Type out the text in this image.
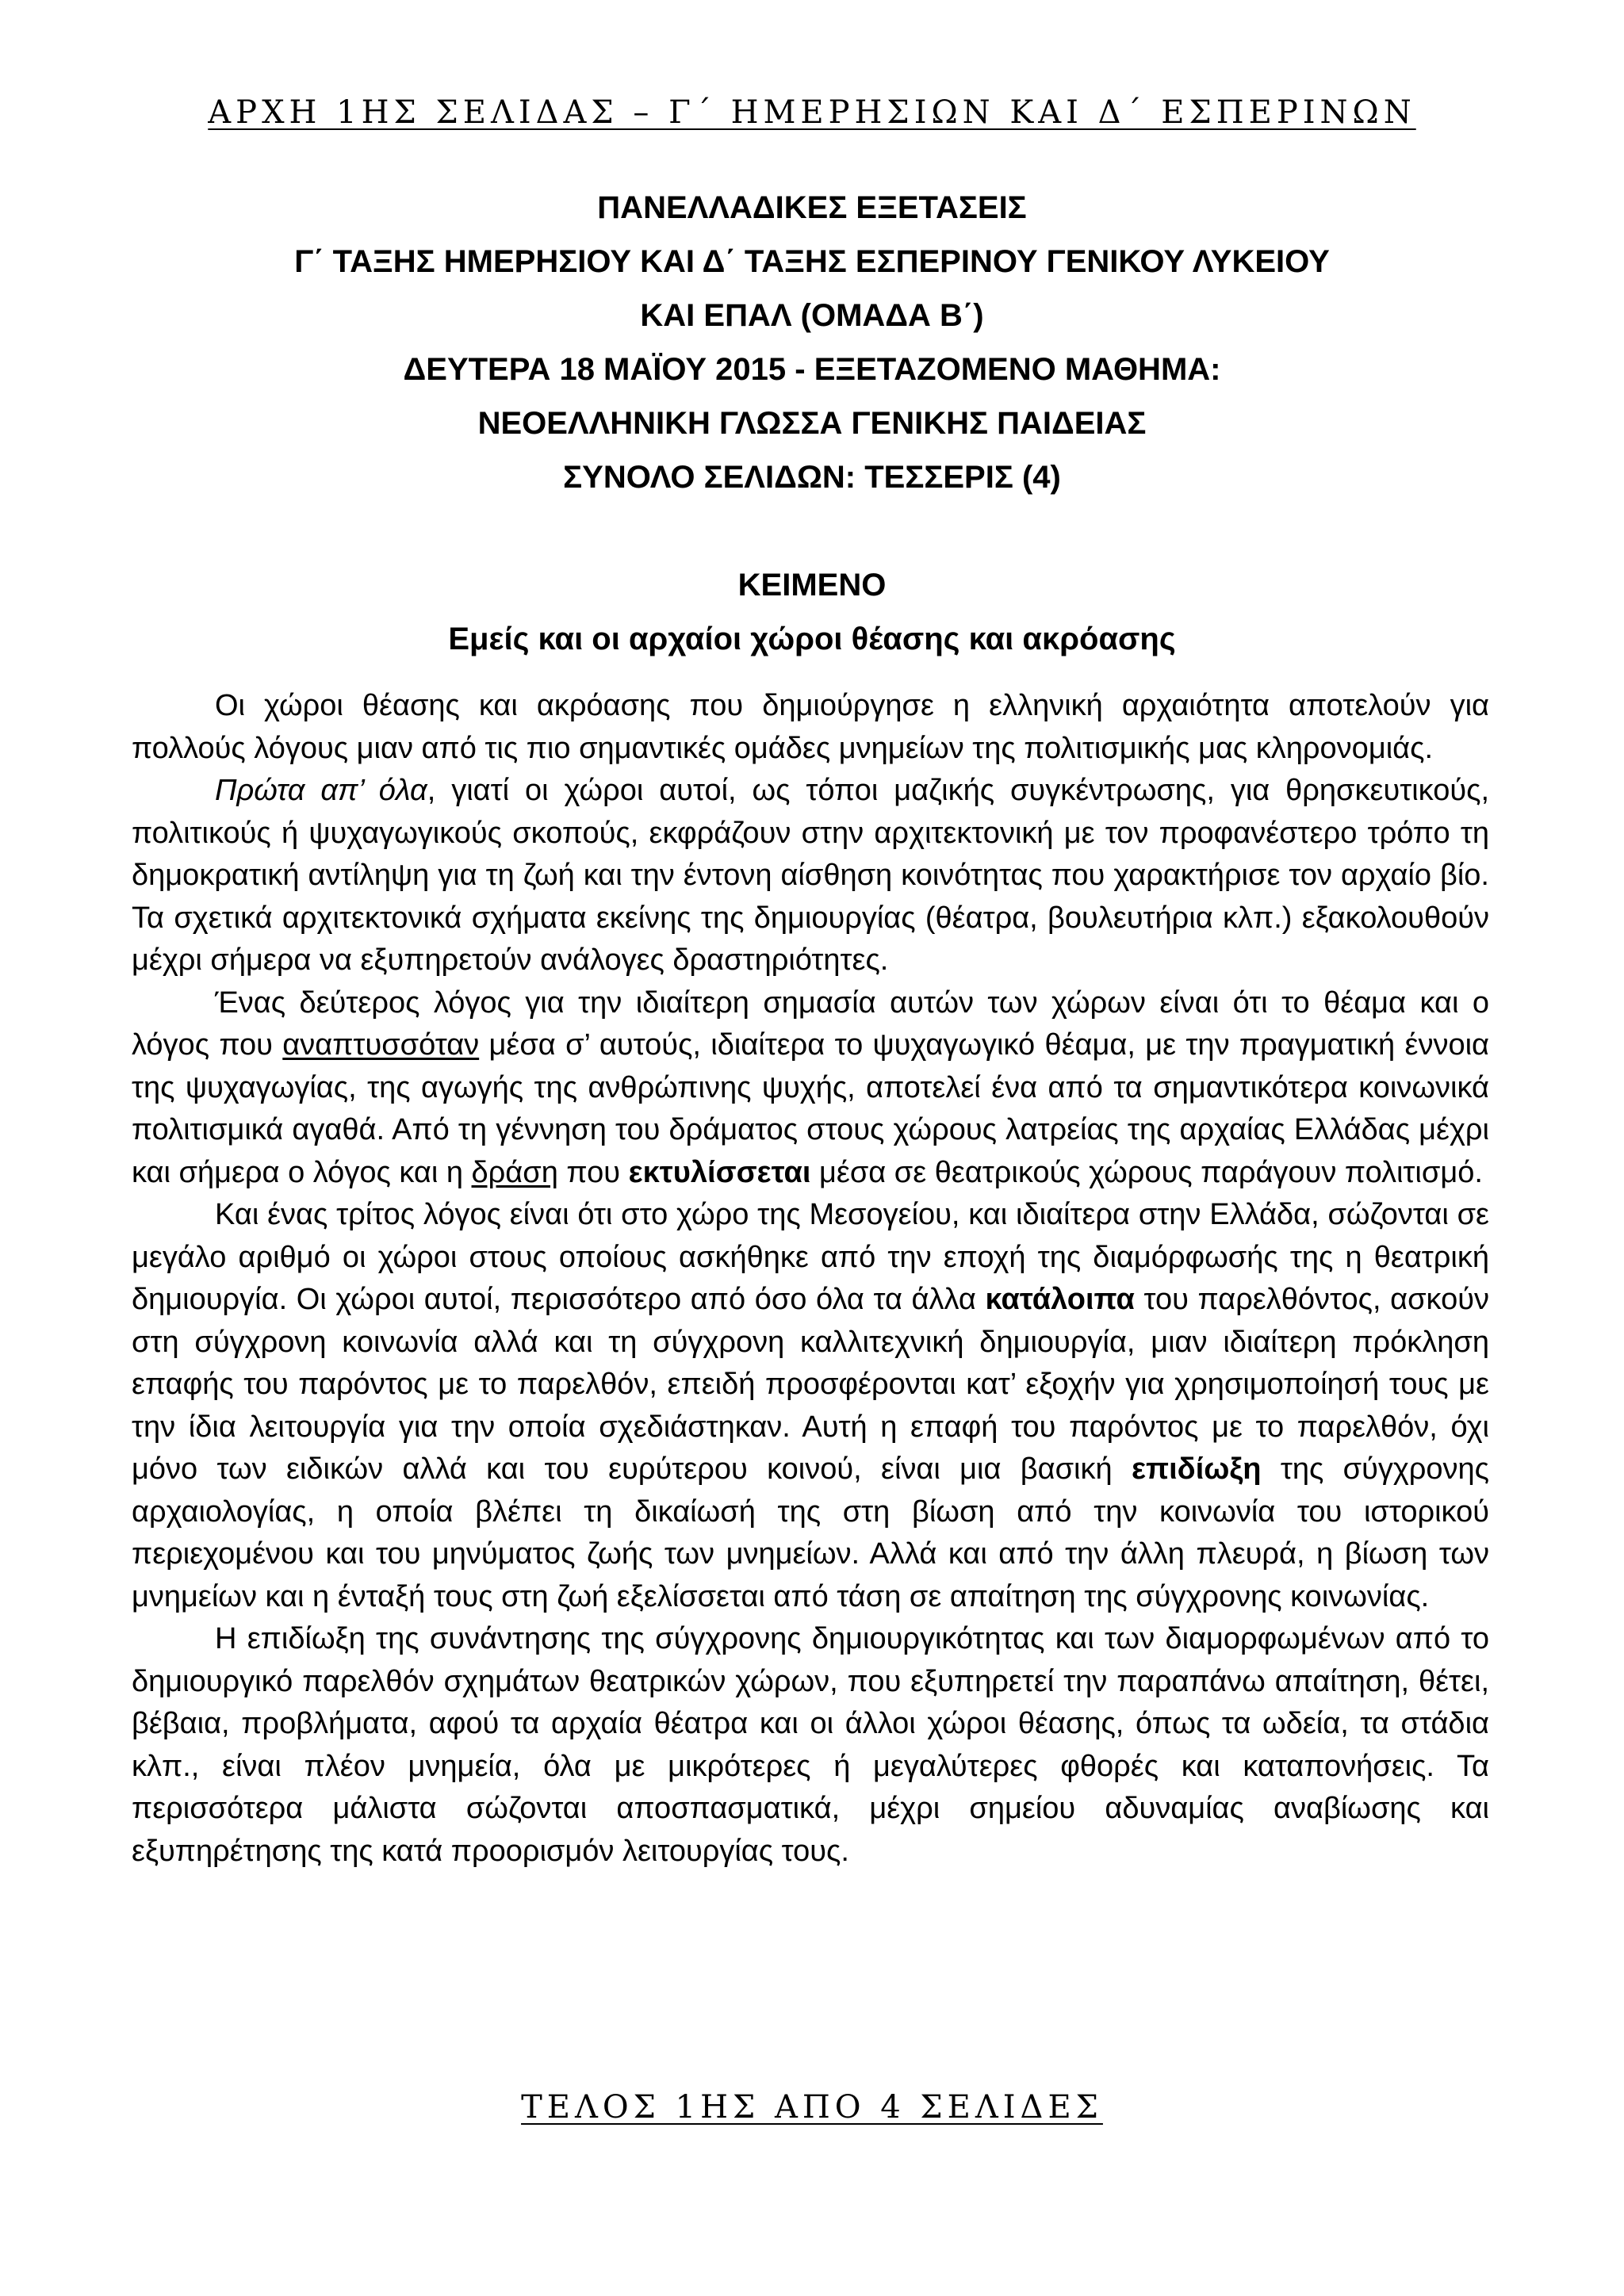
ΑΡΧΗ 1ΗΣ ΣΕΛΙΔΑΣ – Γ΄ ΗΜΕΡΗΣΙΩΝ ΚΑΙ Δ΄ ΕΣΠΕΡΙΝΩΝ
ΠΑΝΕΛΛΑΔΙΚΕΣ ΕΞΕΤΑΣΕΙΣ
Γ΄ ΤΑΞΗΣ ΗΜΕΡΗΣΙΟΥ ΚΑΙ Δ΄ ΤΑΞΗΣ ΕΣΠΕΡΙΝΟΥ ΓΕΝΙΚΟΥ ΛΥΚΕΙΟΥ
ΚΑΙ ΕΠΑΛ (ΟΜΑΔΑ Β΄)
ΔΕΥΤΕΡΑ 18 ΜΑΪΟΥ 2015 - ΕΞΕΤΑΖΟΜΕΝΟ ΜΑΘΗΜΑ:
ΝΕΟΕΛΛΗΝΙΚΗ ΓΛΩΣΣΑ ΓΕΝΙΚΗΣ ΠΑΙΔΕΙΑΣ
ΣΥΝΟΛΟ ΣΕΛΙΔΩΝ: ΤΕΣΣΕΡΙΣ (4)
ΚΕΙΜΕΝΟ
Εμείς και οι αρχαίοι χώροι θέασης και ακρόασης

Οι χώροι θέασης και ακρόασης που δημιούργησε η ελληνική αρχαιότητα αποτελούν για πολλούς λόγους μιαν από τις πιο σημαντικές ομάδες μνημείων της πολιτισμικής μας κληρονομιάς.

Πρώτα απ’ όλα, γιατί οι χώροι αυτοί, ως τόποι μαζικής συγκέντρωσης, για θρησκευτικούς, πολιτικούς ή ψυχαγωγικούς σκοπούς, εκφράζουν στην αρχιτεκτονική με τον προφανέστερο τρόπο τη δημοκρατική αντίληψη για τη ζωή και την έντονη αίσθηση κοινότητας που χαρακτήρισε τον αρχαίο βίο. Τα σχετικά αρχιτεκτονικά σχήματα εκείνης της δημιουργίας (θέατρα, βουλευτήρια κλπ.) εξακολουθούν μέχρι σήμερα να εξυπηρετούν ανάλογες δραστηριότητες.

Ένας δεύτερος λόγος για την ιδιαίτερη σημασία αυτών των χώρων είναι ότι το θέαμα και ο λόγος που αναπτυσσόταν μέσα σ’ αυτούς, ιδιαίτερα το ψυχαγωγικό θέαμα, με την πραγματική έννοια της ψυχαγωγίας, της αγωγής της ανθρώπινης ψυχής, αποτελεί ένα από τα σημαντικότερα κοινωνικά πολιτισμικά αγαθά. Από τη γέννηση του δράματος στους χώρους λατρείας της αρχαίας Ελλάδας μέχρι και σήμερα ο λόγος και η δράση που εκτυλίσσεται μέσα σε θεατρικούς χώρους παράγουν πολιτισμό.

Και ένας τρίτος λόγος είναι ότι στο χώρο της Μεσογείου, και ιδιαίτερα στην Ελλάδα, σώζονται σε μεγάλο αριθμό οι χώροι στους οποίους ασκήθηκε από την εποχή της διαμόρφωσής της η θεατρική δημιουργία. Οι χώροι αυτοί, περισσότερο από όσο όλα τα άλλα κατάλοιπα του παρελθόντος, ασκούν στη σύγχρονη κοινωνία αλλά και τη σύγχρονη καλλιτεχνική δημιουργία, μιαν ιδιαίτερη πρόκληση επαφής του παρόντος με το παρελθόν, επειδή προσφέρονται κατ’ εξοχήν για χρησιμοποίησή τους με την ίδια λειτουργία για την οποία σχεδιάστηκαν. Αυτή η επαφή του παρόντος με το παρελθόν, όχι μόνο των ειδικών αλλά και του ευρύτερου κοινού, είναι μια βασική επιδίωξη της σύγχρονης αρχαιολογίας, η οποία βλέπει τη δικαίωσή της στη βίωση από την κοινωνία του ιστορικού περιεχομένου και του μηνύματος ζωής των μνημείων. Αλλά και από την άλλη πλευρά, η βίωση των μνημείων και η ένταξή τους στη ζωή εξελίσσεται από τάση σε απαίτηση της σύγχρονης κοινωνίας.

Η επιδίωξη της συνάντησης της σύγχρονης δημιουργικότητας και των διαμορφωμένων από το δημιουργικό παρελθόν σχημάτων θεατρικών χώρων, που εξυπηρετεί την παραπάνω απαίτηση, θέτει, βέβαια, προβλήματα, αφού τα αρχαία θέατρα και οι άλλοι χώροι θέασης, όπως τα ωδεία, τα στάδια κλπ., είναι πλέον μνημεία, όλα με μικρότερες ή μεγαλύτερες φθορές και καταπονήσεις. Τα περισσότερα μάλιστα σώζονται αποσπασματικά, μέχρι σημείου αδυναμίας αναβίωσης και εξυπηρέτησης της κατά προορισμόν λειτουργίας τους.

ΤΕΛΟΣ 1ΗΣ ΑΠΟ 4 ΣΕΛΙΔΕΣ
